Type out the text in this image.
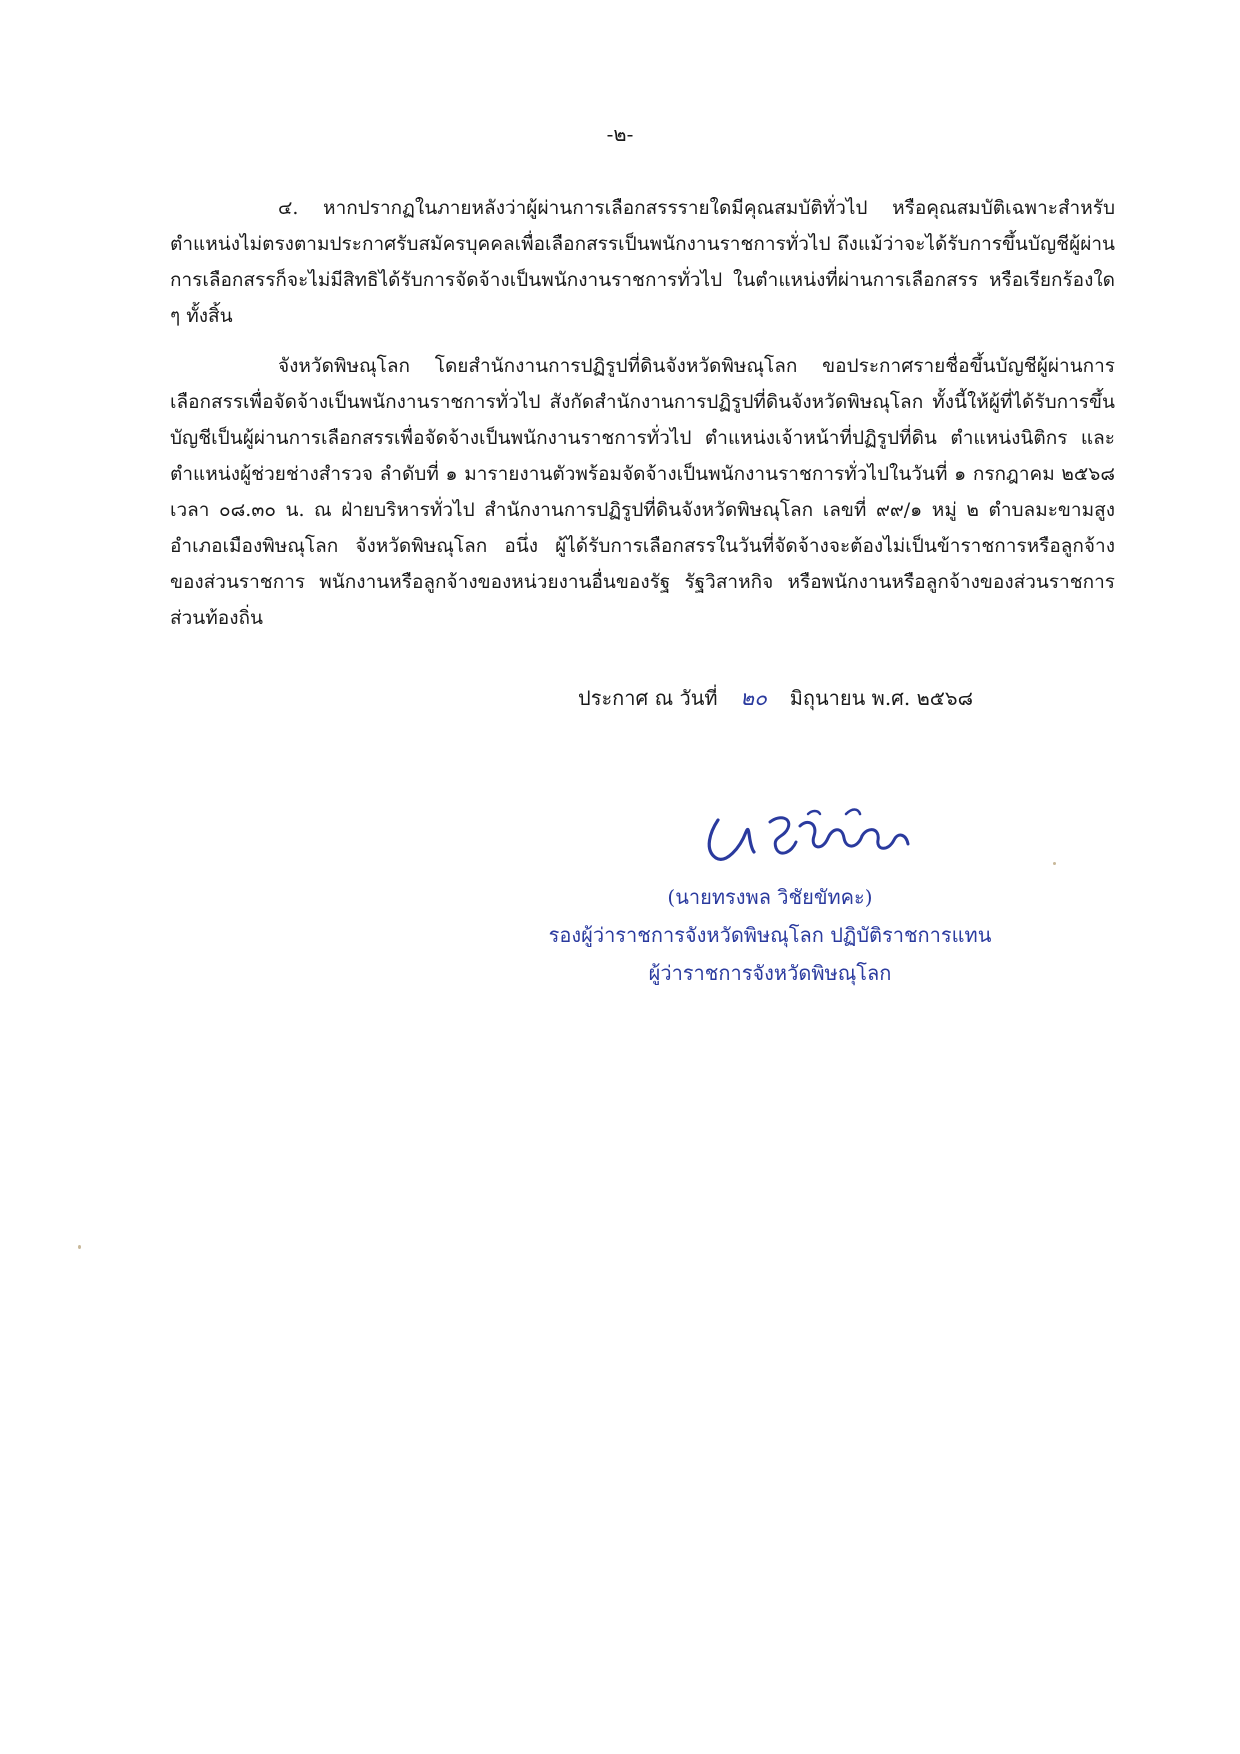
-๒-
๔. หากปรากฏในภายหลังว่าผู้ผ่านการเลือกสรรรายใดมีคุณสมบัติทั่วไป หรือคุณสมบัติเฉพาะสำหรับตำแหน่งไม่ตรงตามประกาศรับสมัครบุคคลเพื่อเลือกสรรเป็นพนักงานราชการทั่วไป ถึงแม้ว่าจะได้รับการขึ้นบัญชีผู้ผ่านการเลือกสรรก็จะไม่มีสิทธิได้รับการจัดจ้างเป็นพนักงานราชการทั่วไป ในตำแหน่งที่ผ่านการเลือกสรร หรือเรียกร้องใด ๆ ทั้งสิ้น
จังหวัดพิษณุโลก โดยสำนักงานการปฏิรูปที่ดินจังหวัดพิษณุโลก ขอประกาศรายชื่อขึ้นบัญชีผู้ผ่านการเลือกสรรเพื่อจัดจ้างเป็นพนักงานราชการทั่วไป สังกัดสำนักงานการปฏิรูปที่ดินจังหวัดพิษณุโลก ทั้งนี้ให้ผู้ที่ได้รับการขึ้นบัญชีเป็นผู้ผ่านการเลือกสรรเพื่อจัดจ้างเป็นพนักงานราชการทั่วไป ตำแหน่งเจ้าหน้าที่ปฏิรูปที่ดิน ตำแหน่งนิติกร และตำแหน่งผู้ช่วยช่างสำรวจ ลำดับที่ ๑ มารายงานตัวพร้อมจัดจ้างเป็นพนักงานราชการทั่วไปในวันที่ ๑ กรกฎาคม ๒๕๖๘ เวลา ๐๘.๓๐ น. ณ ฝ่ายบริหารทั่วไป สำนักงานการปฏิรูปที่ดินจังหวัดพิษณุโลก เลขที่ ๙๙/๑ หมู่ ๒ ตำบลมะขามสูง อำเภอเมืองพิษณุโลก จังหวัดพิษณุโลก อนึ่ง ผู้ได้รับการเลือกสรรในวันที่จัดจ้างจะต้องไม่เป็นข้าราชการหรือลูกจ้างของส่วนราชการ พนักงานหรือลูกจ้างของหน่วยงานอื่นของรัฐ รัฐวิสาหกิจ หรือพนักงานหรือลูกจ้างของส่วนราชการส่วนท้องถิ่น
ประกาศ ณ วันที่ ๒๐ มิถุนายน พ.ศ. ๒๕๖๘
(นายทรงพล วิชัยขัทคะ)
รองผู้ว่าราชการจังหวัดพิษณุโลก ปฏิบัติราชการแทน
ผู้ว่าราชการจังหวัดพิษณุโลก
